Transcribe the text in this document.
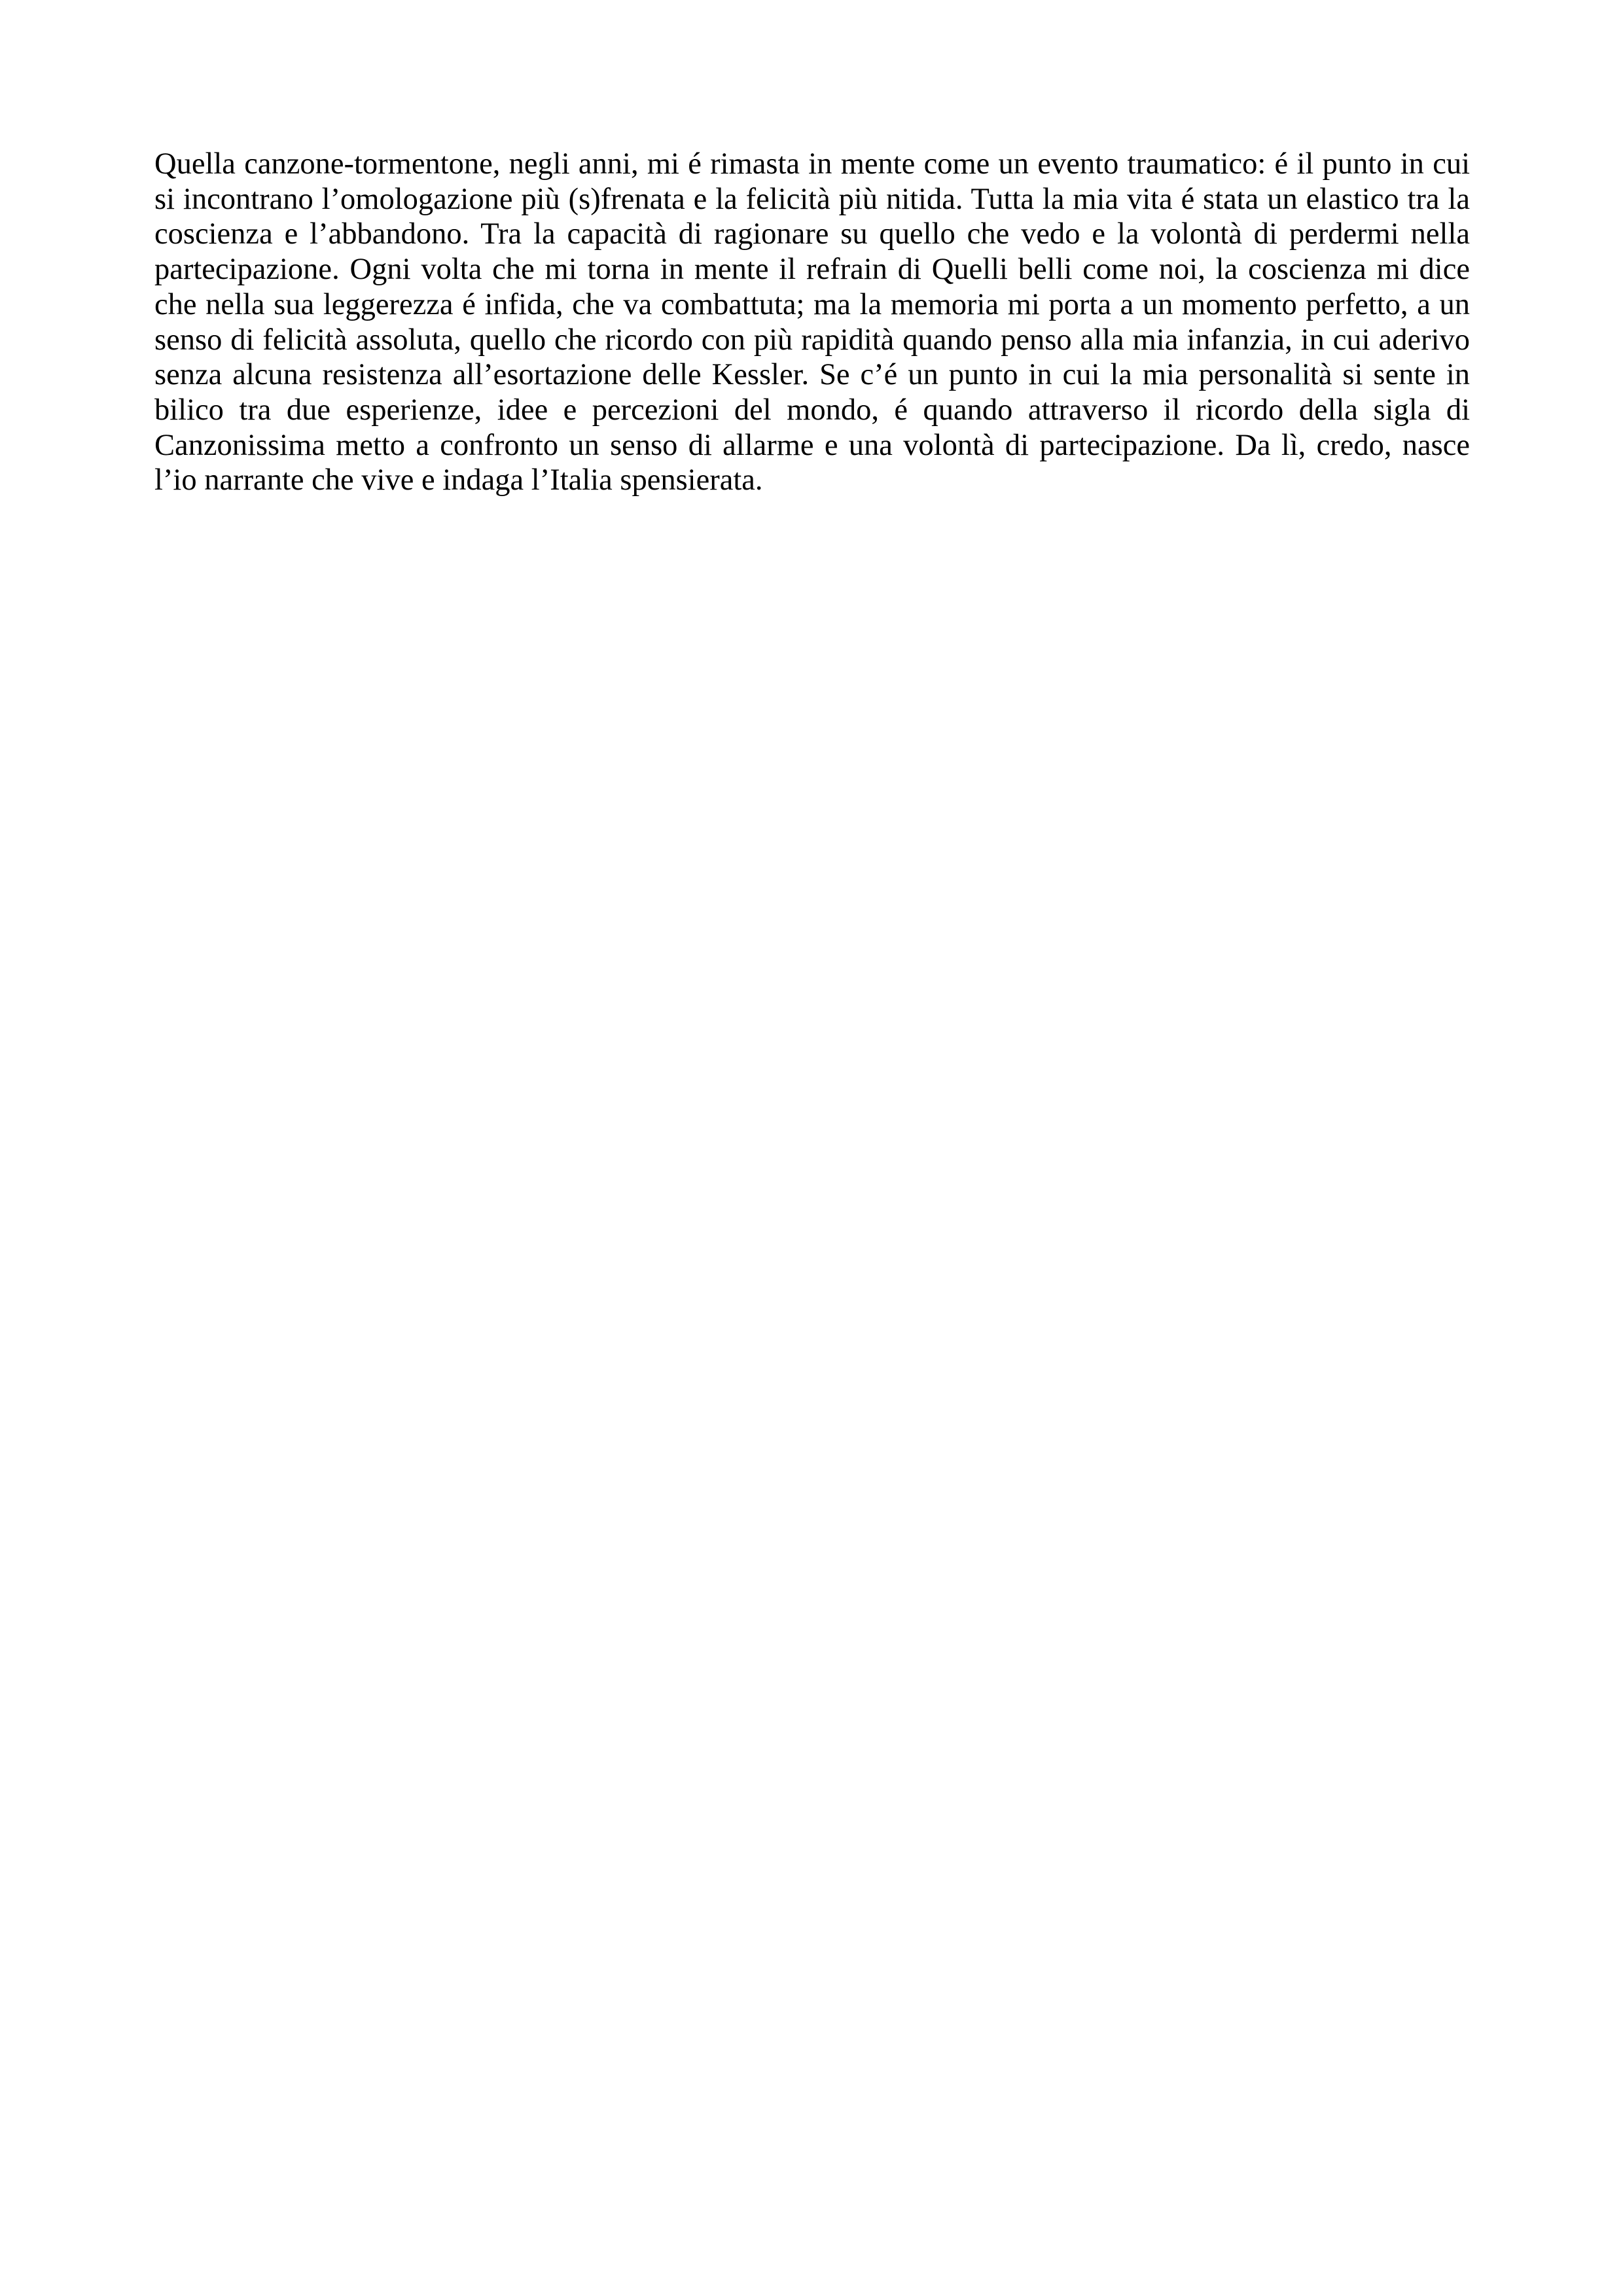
Quella canzone-tormentone, negli anni, mi é rimasta in mente come un evento traumatico: é il punto in cui si incontrano l’omologazione più (s)frenata e la felicità più nitida. Tutta la mia vita é stata un elastico tra la coscienza e l’abbandono. Tra la capacità di ragionare su quello che vedo e la volontà di perdermi nella partecipazione. Ogni volta che mi torna in mente il refrain di Quelli belli come noi, la coscienza mi dice che nella sua leggerezza é infida, che va combattuta; ma la memoria mi porta a un momento perfetto, a un senso di felicità assoluta, quello che ricordo con più rapidità quando penso alla mia infanzia, in cui aderivo senza alcuna resistenza all’esortazione delle Kessler. Se c’é un punto in cui la mia personalità si sente in bilico tra due esperienze, idee e percezioni del mondo, é quando attraverso il ricordo della sigla di Canzonissima metto a confronto un senso di allarme e una volontà di partecipazione. Da lì, credo, nasce l’io narrante che vive e indaga l’Italia spensierata.
